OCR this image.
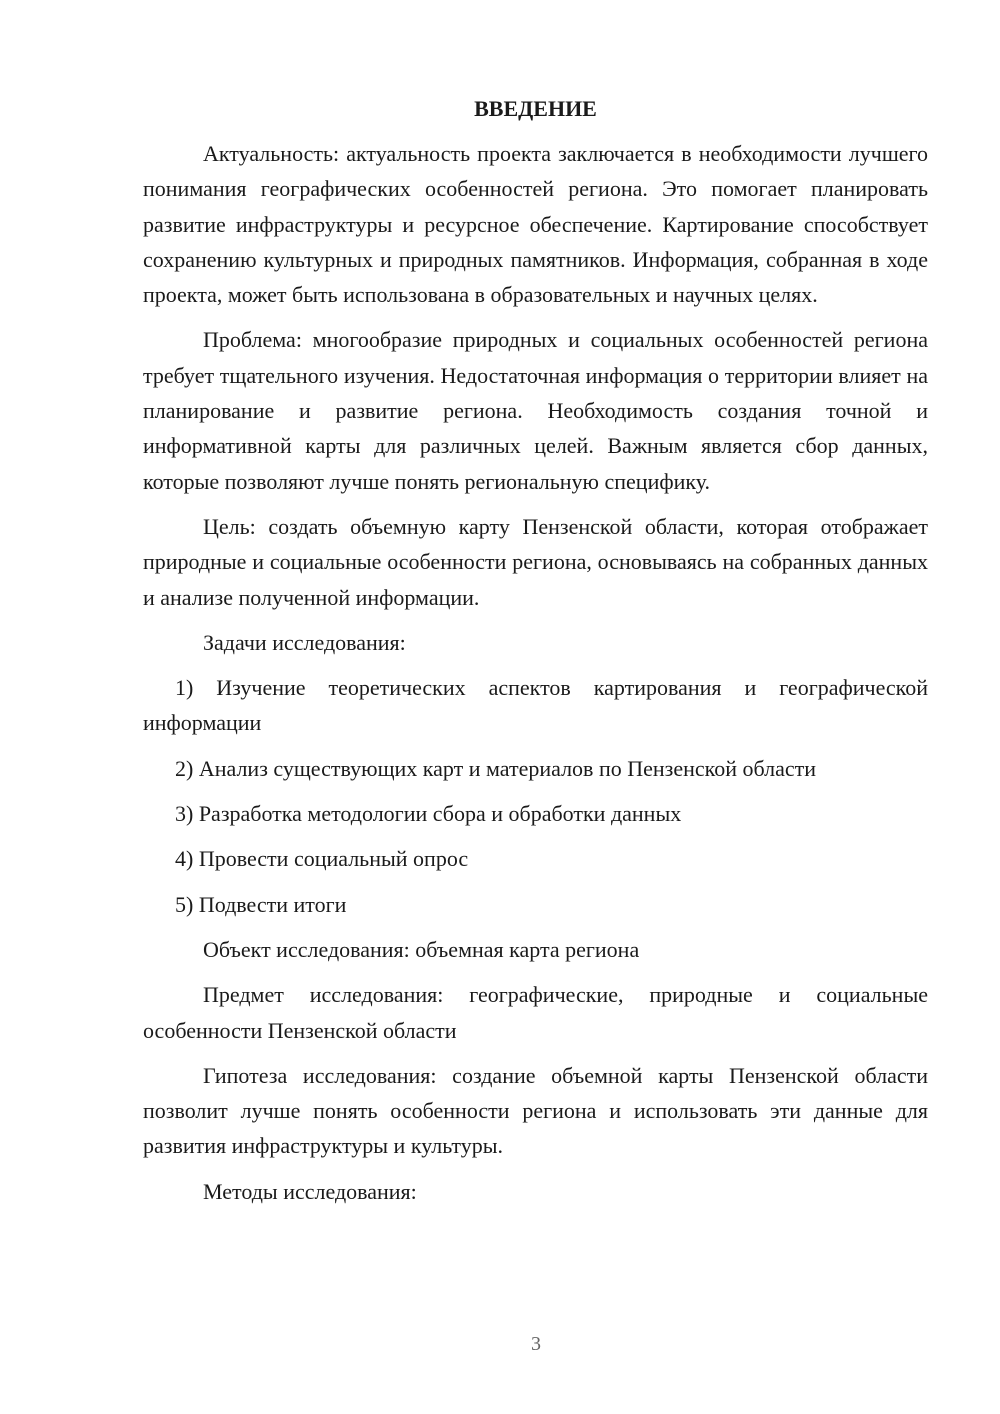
ВВЕДЕНИЕ

Актуальность: актуальность проекта заключается в необходимости лучшего понимания географических особенностей региона. Это помогает планировать развитие инфраструктуры и ресурсное обеспечение. Картирование способствует сохранению культурных и природных памятников. Информация, собранная в ходе проекта, может быть использована в образовательных и научных целях.

Проблема: многообразие природных и социальных особенностей региона требует тщательного изучения. Недостаточная информация о территории влияет на планирование и развитие региона. Необходимость создания точной и информативной карты для различных целей. Важным является сбор данных, которые позволяют лучше понять региональную специфику.

Цель: создать объемную карту Пензенской области, которая отображает природные и социальные особенности региона, основываясь на собранных данных и анализе полученной информации.

Задачи исследования:

1) Изучение теоретических аспектов картирования и географической информации

2) Анализ существующих карт и материалов по Пензенской области

3) Разработка методологии сбора и обработки данных

4) Провести социальный опрос

5) Подвести итоги

Объект исследования: объемная карта региона

Предмет исследования: географические, природные и социальные особенности Пензенской области

Гипотеза исследования: создание объемной карты Пензенской области позволит лучше понять особенности региона и использовать эти данные для развития инфраструктуры и культуры.

Методы исследования:

3
